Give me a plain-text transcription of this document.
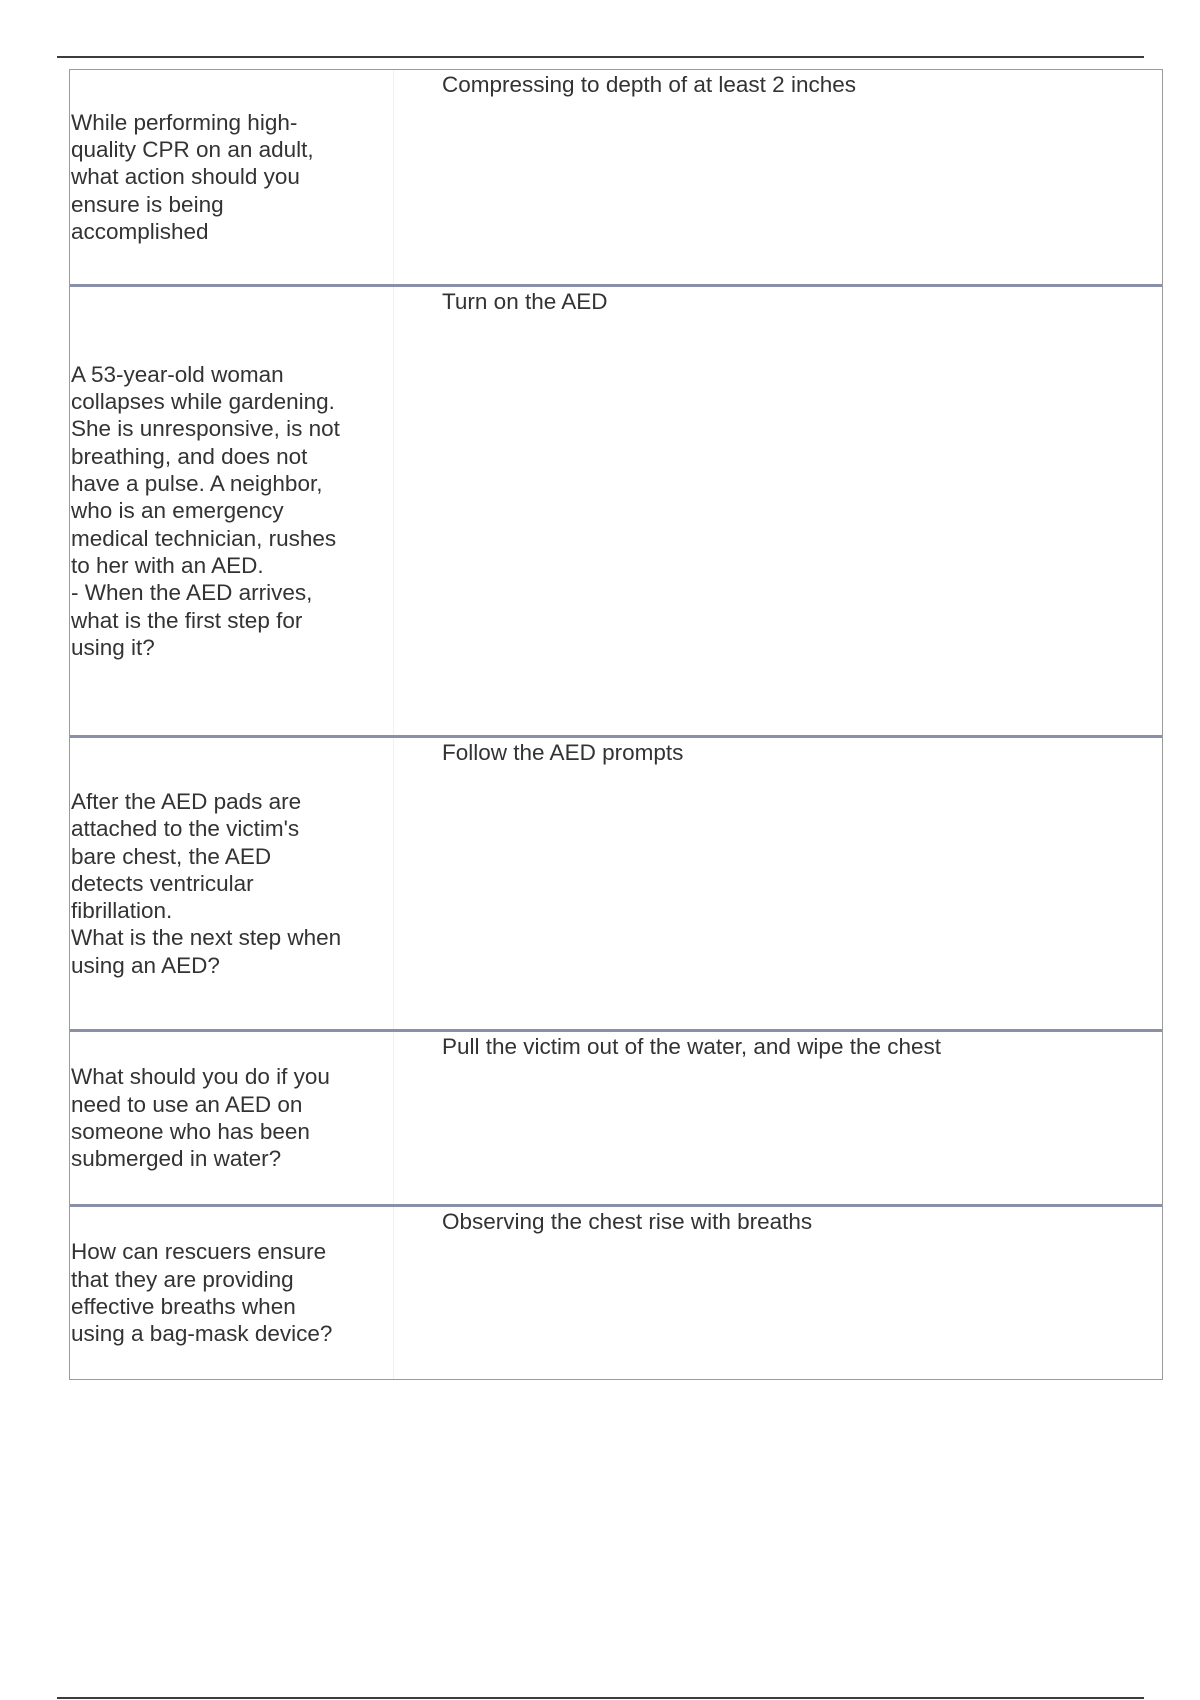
While performing high-
quality CPR on an adult,
what action should you
ensure is being
accomplished
Compressing to depth of at least 2 inches
A 53-year-old woman
collapses while gardening.
She is unresponsive, is not
breathing, and does not
have a pulse. A neighbor,
who is an emergency
medical technician, rushes
to her with an AED.
- When the AED arrives,
what is the first step for
using it?
Turn on the AED
After the AED pads are
attached to the victim's
bare chest, the AED
detects ventricular
fibrillation.
What is the next step when
using an AED?
Follow the AED prompts
What should you do if you
need to use an AED on
someone who has been
submerged in water?
Pull the victim out of the water, and wipe the chest
How can rescuers ensure
that they are providing
effective breaths when
using a bag-mask device?
Observing the chest rise with breaths
